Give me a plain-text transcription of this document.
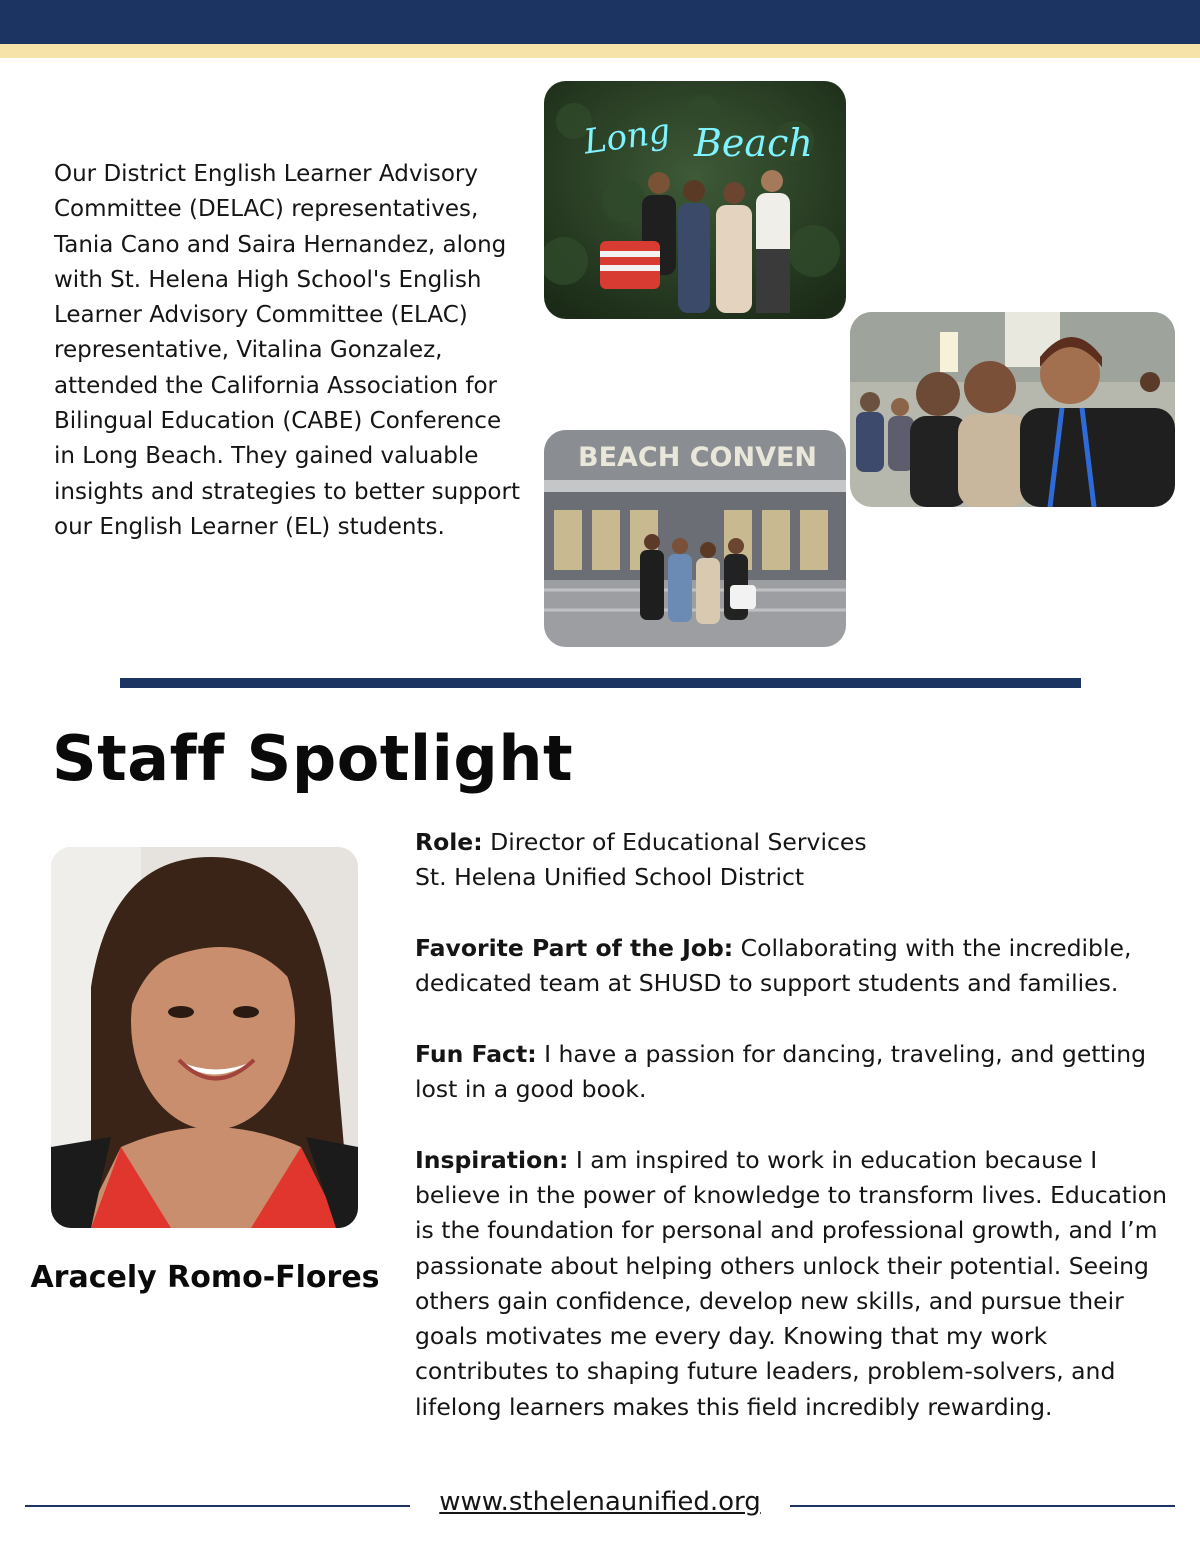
Our District English Learner Advisory Committee (DELAC) representatives, Tania Cano and Saira Hernandez, along with St. Helena High School's English Learner Advisory Committee (ELAC) representative, Vitalina Gonzalez, attended the California Association for Bilingual Education (CABE) Conference in Long Beach. They gained valuable insights and strategies to better support our English Learner (EL) students.

Long Beach
BEACH CONVEN
Staff Spotlight
Aracely Romo-Flores

Role: Director of Educational Services
St. Helena Unified School District

Favorite Part of the Job: Collaborating with the incredible, dedicated team at SHUSD to support students and families.

Fun Fact: I have a passion for dancing, traveling, and getting lost in a good book.

Inspiration: I am inspired to work in education because I believe in the power of knowledge to transform lives. Education is the foundation for personal and professional growth, and I’m passionate about helping others unlock their potential. Seeing others gain confidence, develop new skills, and pursue their goals motivates me every day. Knowing that my work contributes to shaping future leaders, problem-solvers, and lifelong learners makes this field incredibly rewarding.

www.sthelenaunified.org
